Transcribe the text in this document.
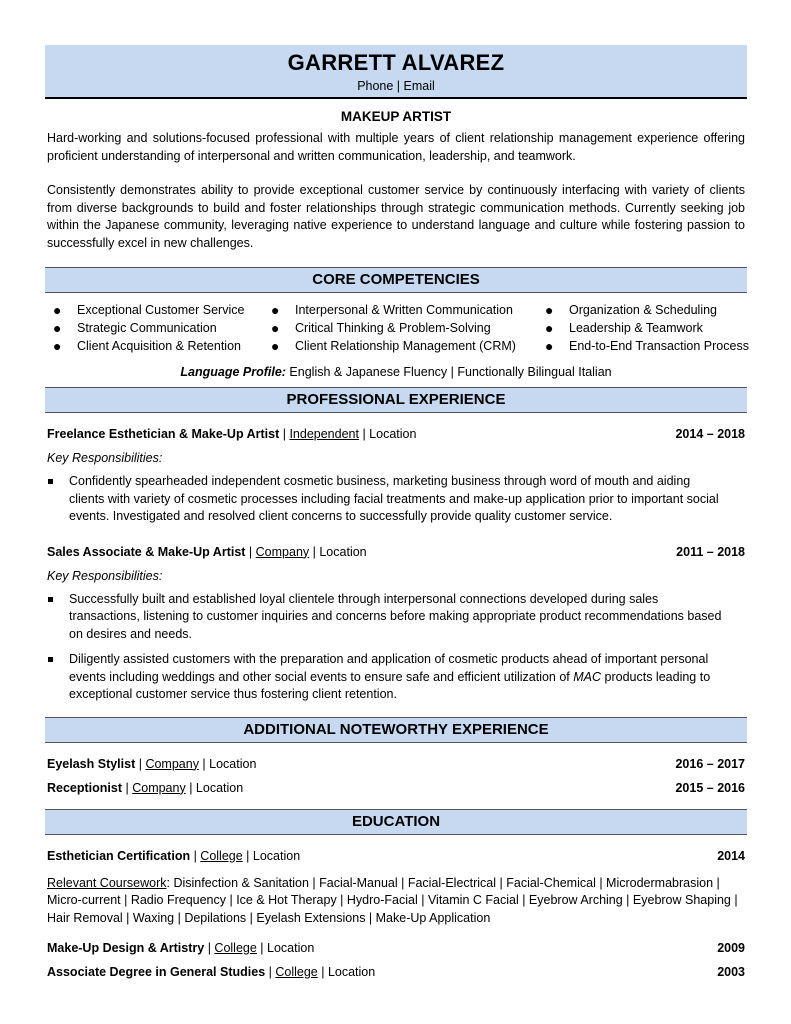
GARRETT ALVAREZ
Phone | Email
MAKEUP ARTIST

Hard-working and solutions-focused professional with multiple years of client relationship management experience offering proficient understanding of interpersonal and written communication, leadership, and teamwork.

Consistently demonstrates ability to provide exceptional customer service by continuously interfacing with variety of clients from diverse backgrounds to build and foster relationships through strategic communication methods. Currently seeking job within the Japanese community, leveraging native experience to understand language and culture while fostering passion to successfully excel in new challenges.

CORE COMPETENCIES
● Exceptional Customer Service
● Strategic Communication
● Client Acquisition & Retention
● Interpersonal & Written Communication
● Critical Thinking & Problem-Solving
● Client Relationship Management (CRM)
● Organization & Scheduling
● Leadership & Teamwork
● End-to-End Transaction Process
Language Profile: English & Japanese Fluency | Functionally Bilingual Italian
PROFESSIONAL EXPERIENCE
Freelance Esthetician & Make-Up Artist | Independent | Location	2014 – 2018
Key Responsibilities:
Confidently spearheaded independent cosmetic business, marketing business through word of mouth and aiding clients with variety of cosmetic processes including facial treatments and make-up application prior to important social events. Investigated and resolved client concerns to successfully provide quality customer service.
Sales Associate & Make-Up Artist | Company | Location	2011 – 2018
Key Responsibilities:
Successfully built and established loyal clientele through interpersonal connections developed during sales transactions, listening to customer inquiries and concerns before making appropriate product recommendations based on desires and needs.
Diligently assisted customers with the preparation and application of cosmetic products ahead of important personal events including weddings and other social events to ensure safe and efficient utilization of MAC products leading to exceptional customer service thus fostering client retention.
ADDITIONAL NOTEWORTHY EXPERIENCE
Eyelash Stylist | Company | Location	2016 – 2017
Receptionist | Company | Location	2015 – 2016
EDUCATION
Esthetician Certification | College | Location	2014
Relevant Coursework: Disinfection & Sanitation | Facial-Manual | Facial-Electrical | Facial-Chemical | Microdermabrasion | Micro-current | Radio Frequency | Ice & Hot Therapy | Hydro-Facial | Vitamin C Facial | Eyebrow Arching | Eyebrow Shaping | Hair Removal | Waxing | Depilations | Eyelash Extensions | Make-Up Application
Make-Up Design & Artistry | College | Location	2009
Associate Degree in General Studies | College | Location	2003
